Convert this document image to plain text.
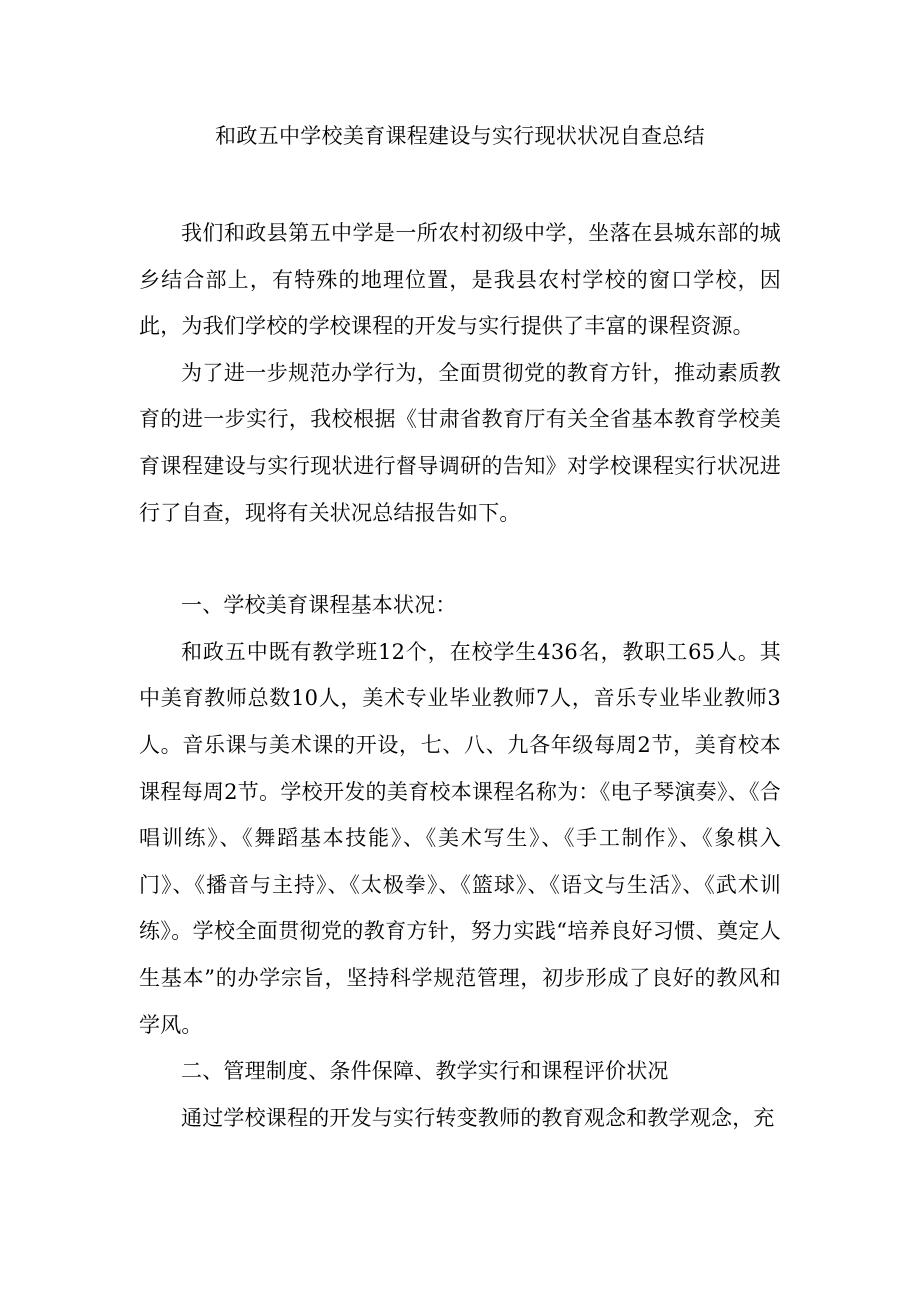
和政五中学校美育课程建设与实行现状状况自查总结

我们和政县第五中学是一所农村初级中学，坐落在县城东部的城乡结合部上，有特殊的地理位置，是我县农村学校的窗口学校，因此，为我们学校的学校课程的开发与实行提供了丰富的课程资源。

为了进一步规范办学行为，全面贯彻党的教育方针，推动素质教育的进一步实行，我校根据《甘肃省教育厅有关全省基本教育学校美育课程建设与实行现状进行督导调研的告知》对学校课程实行状况进行了自查，现将有关状况总结报告如下。

一、学校美育课程基本状况：

和政五中既有教学班12个，在校学生436名，教职工65人。其中美育教师总数10人，美术专业毕业教师7人，音乐专业毕业教师3人。音乐课与美术课的开设，七、八、九各年级每周2节，美育校本课程每周2节。学校开发的美育校本课程名称为：《电子琴演奏》、《合唱训练》、《舞蹈基本技能》、《美术写生》、《手工制作》、《象棋入门》、《播音与主持》、《太极拳》、《篮球》、《语文与生活》、《武术训练》。学校全面贯彻党的教育方针，努力实践“培养良好习惯、奠定人生基本”的办学宗旨，坚持科学规范管理，初步形成了良好的教风和学风。

二、管理制度、条件保障、教学实行和课程评价状况

通过学校课程的开发与实行转变教师的教育观念和教学观念，充
